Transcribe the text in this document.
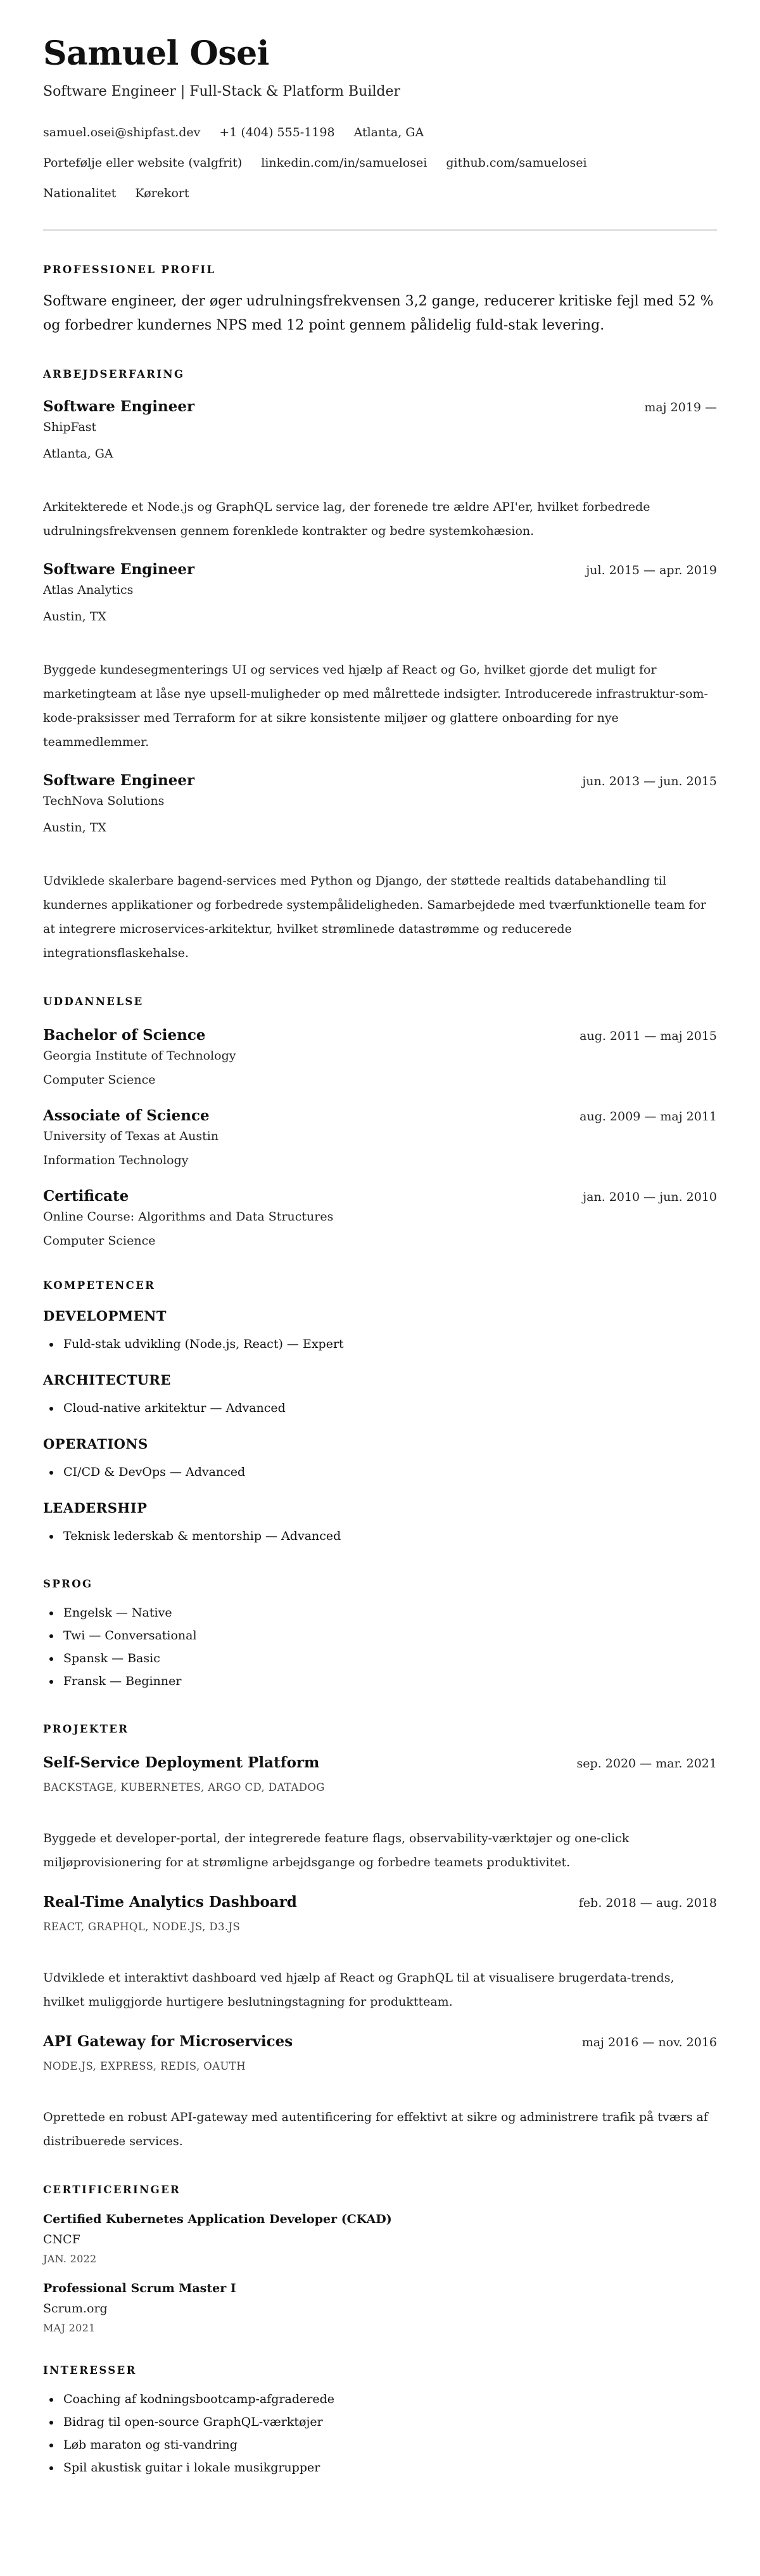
Samuel Osei
Software Engineer | Full-Stack & Platform Builder
samuel.osei@shipfast.dev +1 (404) 555-1198 Atlanta, GA
Portefølje eller website (valgfrit) linkedin.com/in/samuelosei github.com/samuelosei
Nationalitet Kørekort
PROFESSIONEL PROFIL

Software engineer, der øger udrulningsfrekvensen 3,2 gange, reducerer kritiske fejl med 52 % og forbedrer kundernes NPS med 12 point gennem pålidelig fuld-stak levering.

ARBEJDSERFARING
Software Engineer	maj 2019 —
ShipFast
Atlanta, GA
Arkitekterede et Node.js og GraphQL service lag, der forenede tre ældre API'er, hvilket forbedrede udrulningsfrekvensen gennem forenklede kontrakter og bedre systemkohæsion.
Software Engineer	jul. 2015 — apr. 2019
Atlas Analytics
Austin, TX
Byggede kundesegmenterings UI og services ved hjælp af React og Go, hvilket gjorde det muligt for marketingteam at låse nye upsell-muligheder op med målrettede indsigter. Introducerede infrastruktur-som-kode-praksisser med Terraform for at sikre konsistente miljøer og glattere onboarding for nye teammedlemmer.
Software Engineer	jun. 2013 — jun. 2015
TechNova Solutions
Austin, TX
Udviklede skalerbare bagend-services med Python og Django, der støttede realtids databehandling til kundernes applikationer og forbedrede systempålideligheden. Samarbejdede med tværfunktionelle team for at integrere microservices-arkitektur, hvilket strømlinede datastrømme og reducerede integrationsflaskehalse.
UDDANNELSE
Bachelor of Science	aug. 2011 — maj 2015
Georgia Institute of Technology
Computer Science
Associate of Science	aug. 2009 — maj 2011
University of Texas at Austin
Information Technology
Certificate	jan. 2010 — jun. 2010
Online Course: Algorithms and Data Structures
Computer Science
KOMPETENCER
DEVELOPMENT
• Fuld-stak udvikling (Node.js, React) — Expert
ARCHITECTURE
• Cloud-native arkitektur — Advanced
OPERATIONS
• CI/CD & DevOps — Advanced
LEADERSHIP
• Teknisk lederskab & mentorship — Advanced
SPROG
• Engelsk — Native
• Twi — Conversational
• Spansk — Basic
• Fransk — Beginner
PROJEKTER
Self-Service Deployment Platform	sep. 2020 — mar. 2021
BACKSTAGE, KUBERNETES, ARGO CD, DATADOG
Byggede et developer-portal, der integrerede feature flags, observability-værktøjer og one-click miljøprovisionering for at strømligne arbejdsgange og forbedre teamets produktivitet.
Real-Time Analytics Dashboard	feb. 2018 — aug. 2018
REACT, GRAPHQL, NODE.JS, D3.JS
Udviklede et interaktivt dashboard ved hjælp af React og GraphQL til at visualisere brugerdata-trends, hvilket muliggjorde hurtigere beslutningstagning for produktteam.
API Gateway for Microservices	maj 2016 — nov. 2016
NODE.JS, EXPRESS, REDIS, OAUTH
Oprettede en robust API-gateway med autentificering for effektivt at sikre og administrere trafik på tværs af distribuerede services.
CERTIFICERINGER
Certified Kubernetes Application Developer (CKAD)
CNCF
JAN. 2022
Professional Scrum Master I
Scrum.org
MAJ 2021
INTERESSER
• Coaching af kodningsbootcamp-afgraderede
• Bidrag til open-source GraphQL-værktøjer
• Løb maraton og sti-vandring
• Spil akustisk guitar i lokale musikgrupper
